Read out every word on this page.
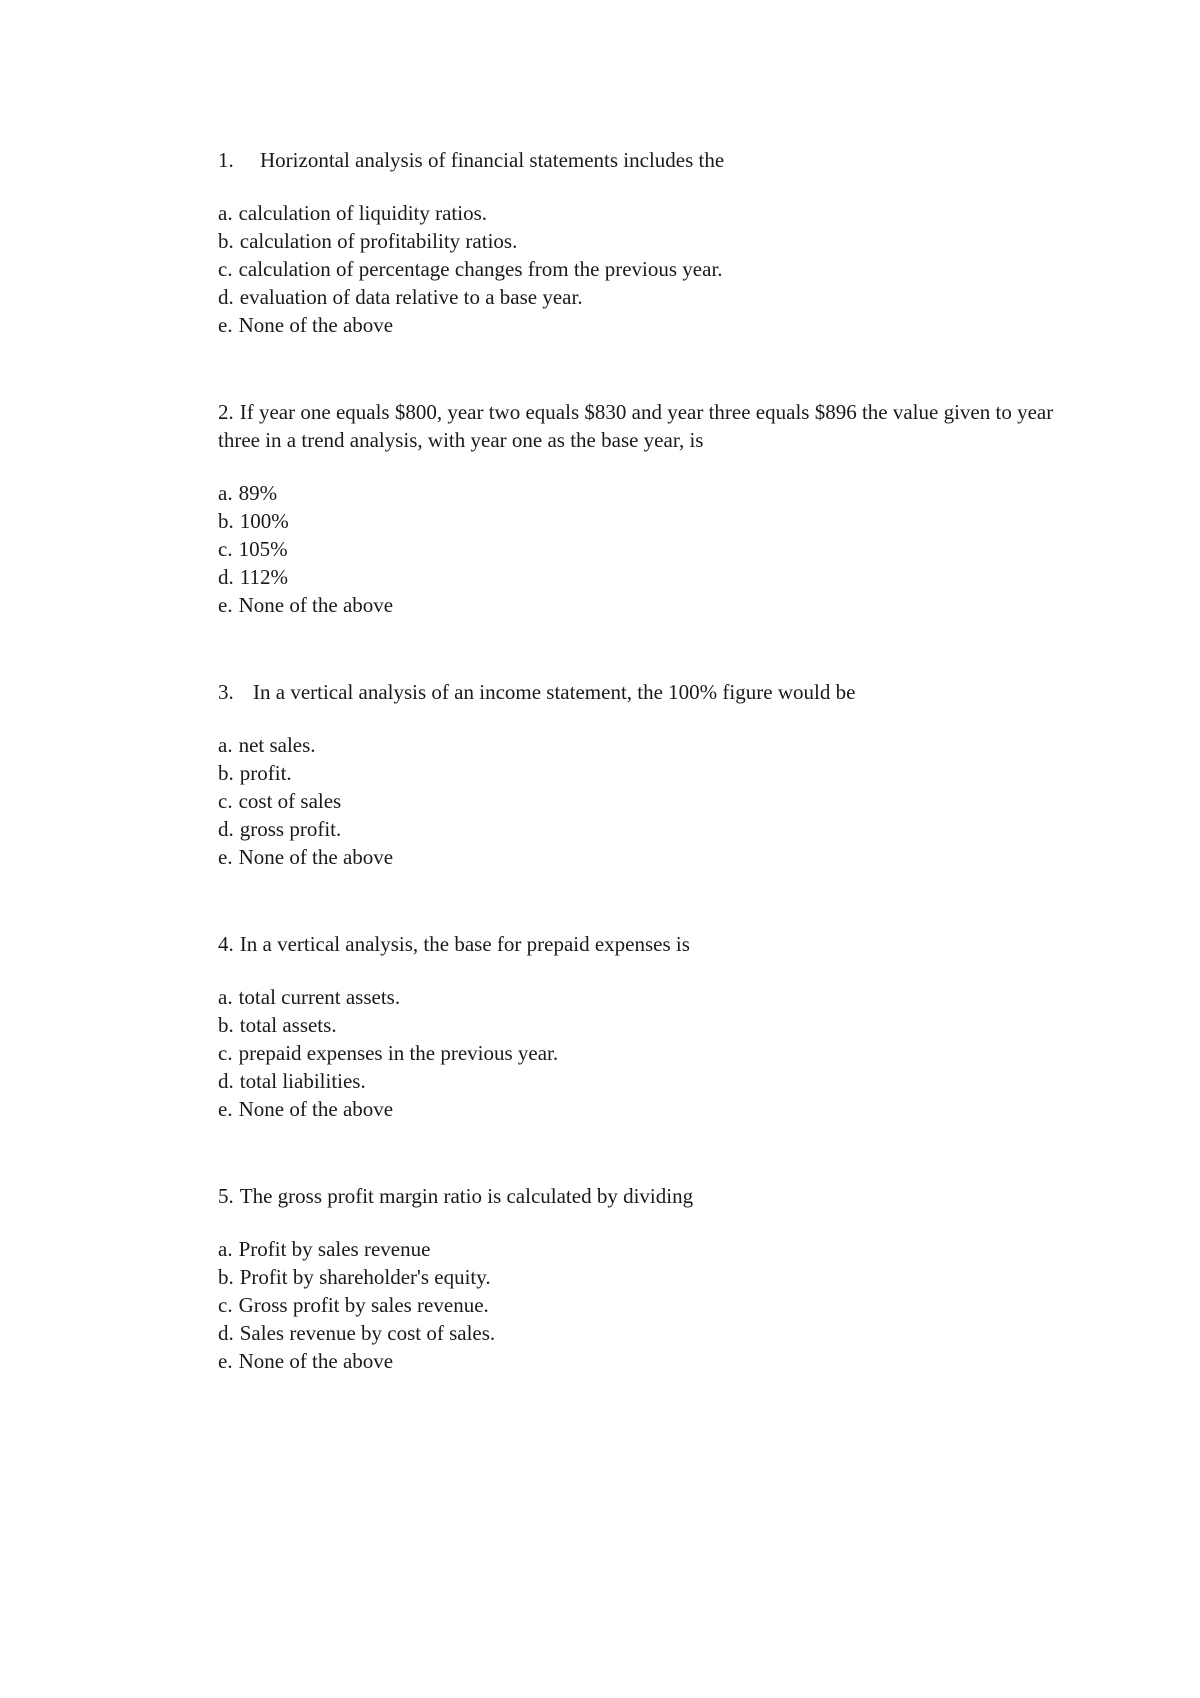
1. Horizontal analysis of financial statements includes the

a. calculation of liquidity ratios.
b. calculation of profitability ratios.
c. calculation of percentage changes from the previous year.
d. evaluation of data relative to a base year.
e. None of the above

2. If year one equals $800, year two equals $830 and year three equals $896 the value given to year three in a trend analysis, with year one as the base year, is

a. 89%
b. 100%
c. 105%
d. 112%
e. None of the above

3. In a vertical analysis of an income statement, the 100% figure would be

a. net sales.
b. profit.
c. cost of sales
d. gross profit.
e. None of the above

4. In a vertical analysis, the base for prepaid expenses is

a. total current assets.
b. total assets.
c. prepaid expenses in the previous year.
d. total liabilities.
e. None of the above

5. The gross profit margin ratio is calculated by dividing

a. Profit by sales revenue
b. Profit by shareholder's equity.
c. Gross profit by sales revenue.
d. Sales revenue by cost of sales.
e. None of the above
